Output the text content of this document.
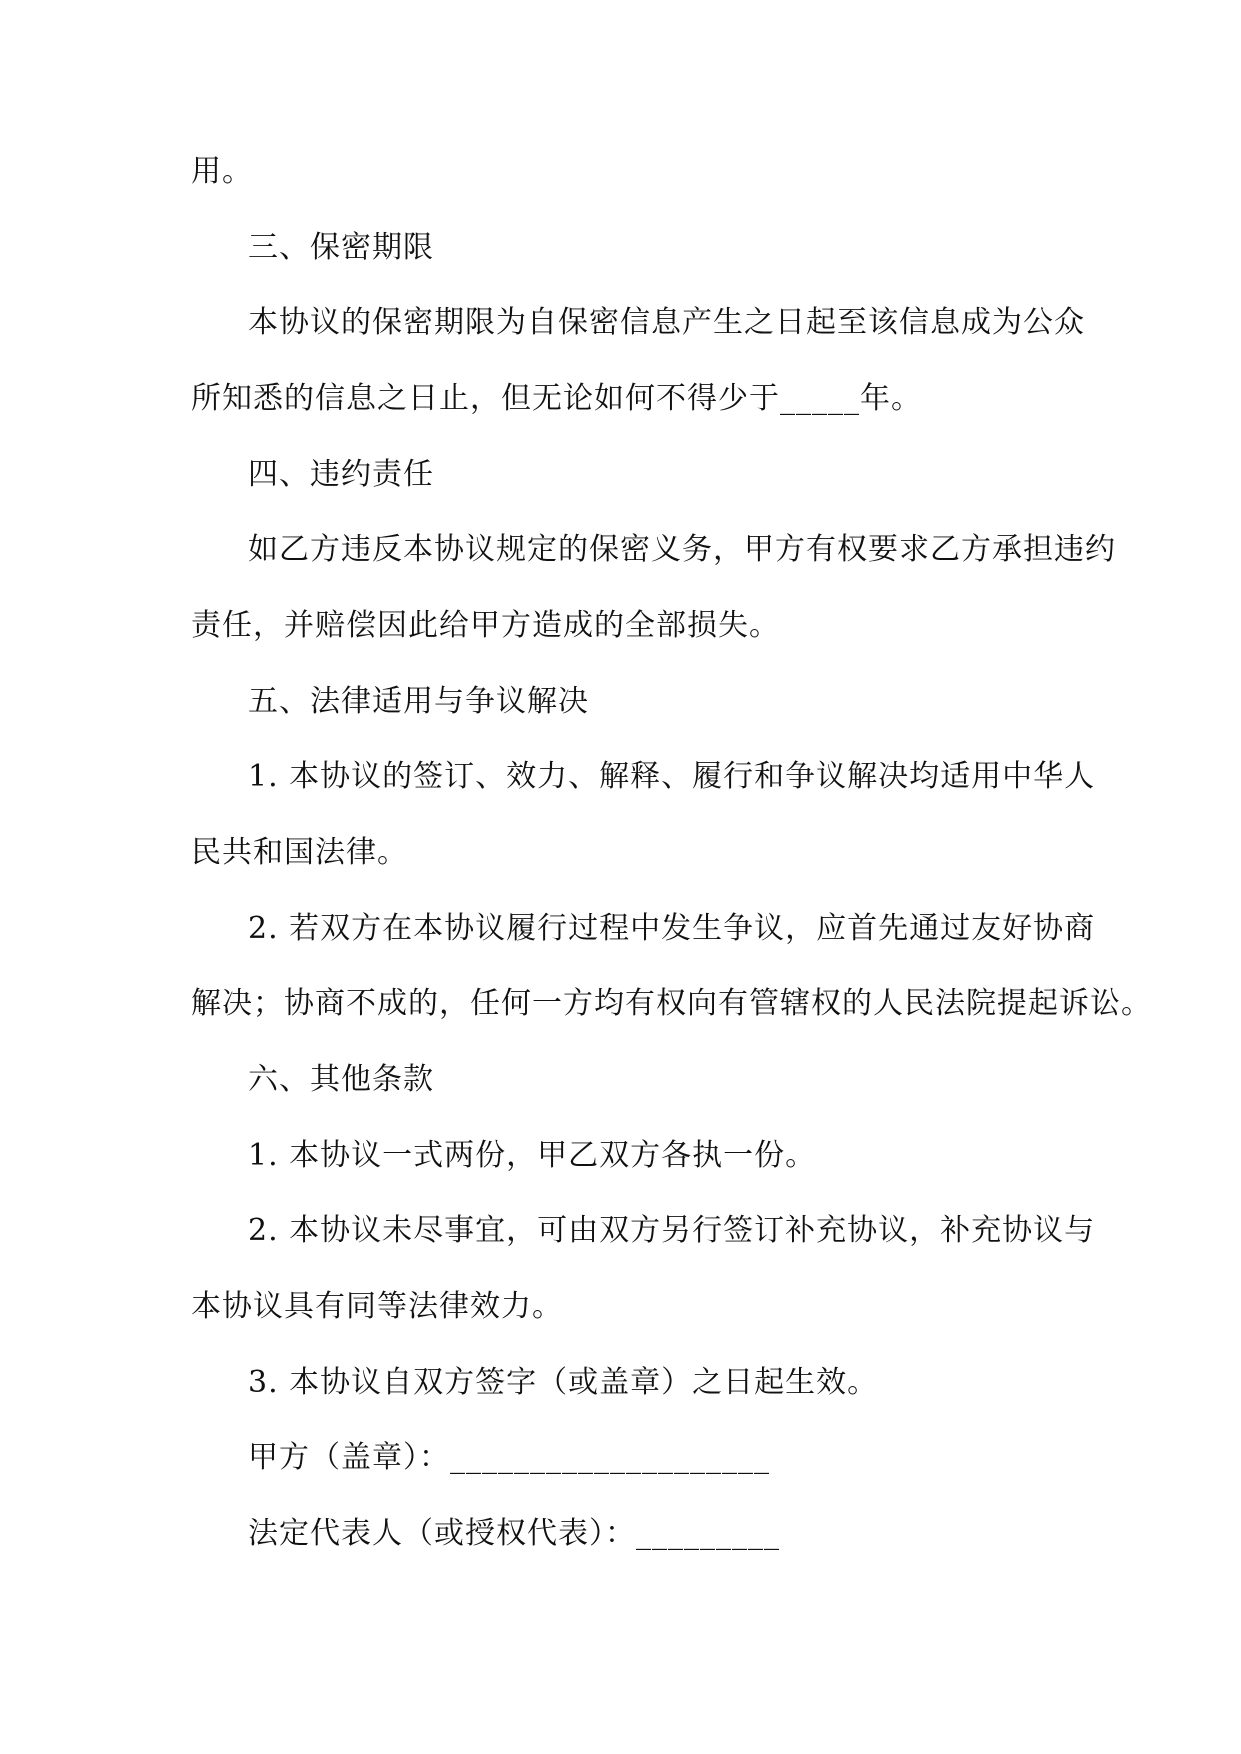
用。

三、保密期限

本协议的保密期限为自保密信息产生之日起至该信息成为公众

所知悉的信息之日止，但无论如何不得少于_____年。

四、违约责任

如乙方违反本协议规定的保密义务，甲方有权要求乙方承担违约

责任，并赔偿因此给甲方造成的全部损失。

五、法律适用与争议解决

1. 本协议的签订、效力、解释、履行和争议解决均适用中华人

民共和国法律。

2. 若双方在本协议履行过程中发生争议，应首先通过友好协商

解决；协商不成的，任何一方均有权向有管辖权的人民法院提起诉讼。

六、其他条款

1. 本协议一式两份，甲乙双方各执一份。

2. 本协议未尽事宜，可由双方另行签订补充协议，补充协议与

本协议具有同等法律效力。

3. 本协议自双方签字（或盖章）之日起生效。

甲方（盖章）：____________________

法定代表人（或授权代表）：_________
